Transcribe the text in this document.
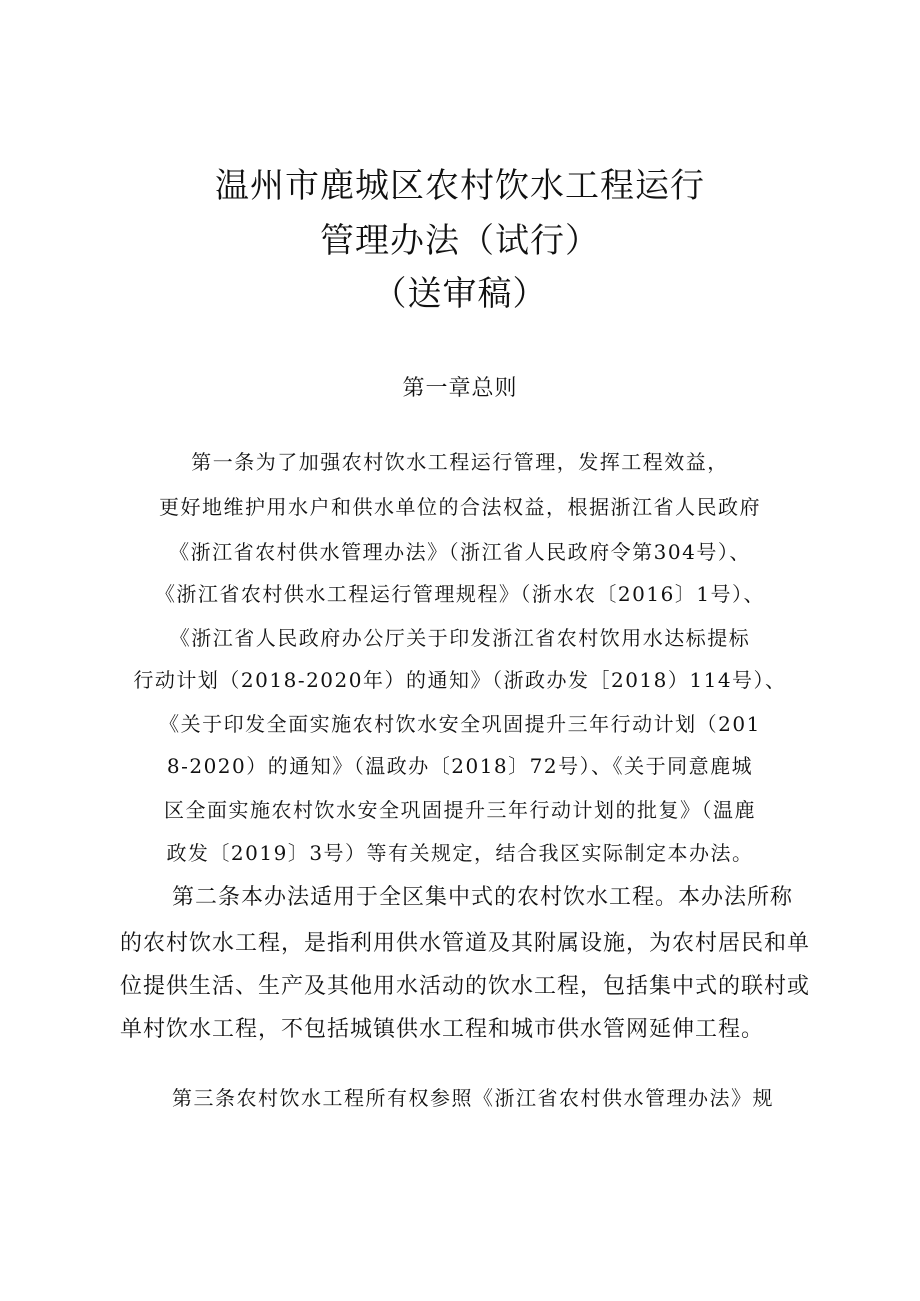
温州市鹿城区农村饮水工程运行
管理办法（试行）
（送审稿）
第一章总则
第一条为了加强农村饮水工程运行管理，发挥工程效益，
更好地维护用水户和供水单位的合法权益，根据浙江省人民政府
《浙江省农村供水管理办法》（浙江省人民政府令第304号）、
《浙江省农村供水工程运行管理规程》（浙水农〔2016〕1号）、
《浙江省人民政府办公厅关于印发浙江省农村饮用水达标提标
行动计划（2018-2020年）的通知》（浙政办发［2018）114号）、
《关于印发全面实施农村饮水安全巩固提升三年行动计划（201
8-2020）的通知》（温政办〔2018〕72号）、《关于同意鹿城
区全面实施农村饮水安全巩固提升三年行动计划的批复》（温鹿
政发〔2019〕3号）等有关规定，结合我区实际制定本办法。
第二条本办法适用于全区集中式的农村饮水工程。本办法所称
的农村饮水工程，是指利用供水管道及其附属设施，为农村居民和单
位提供生活、生产及其他用水活动的饮水工程，包括集中式的联村或
单村饮水工程，不包括城镇供水工程和城市供水管网延伸工程。
第三条农村饮水工程所有权参照《浙江省农村供水管理办法》规
